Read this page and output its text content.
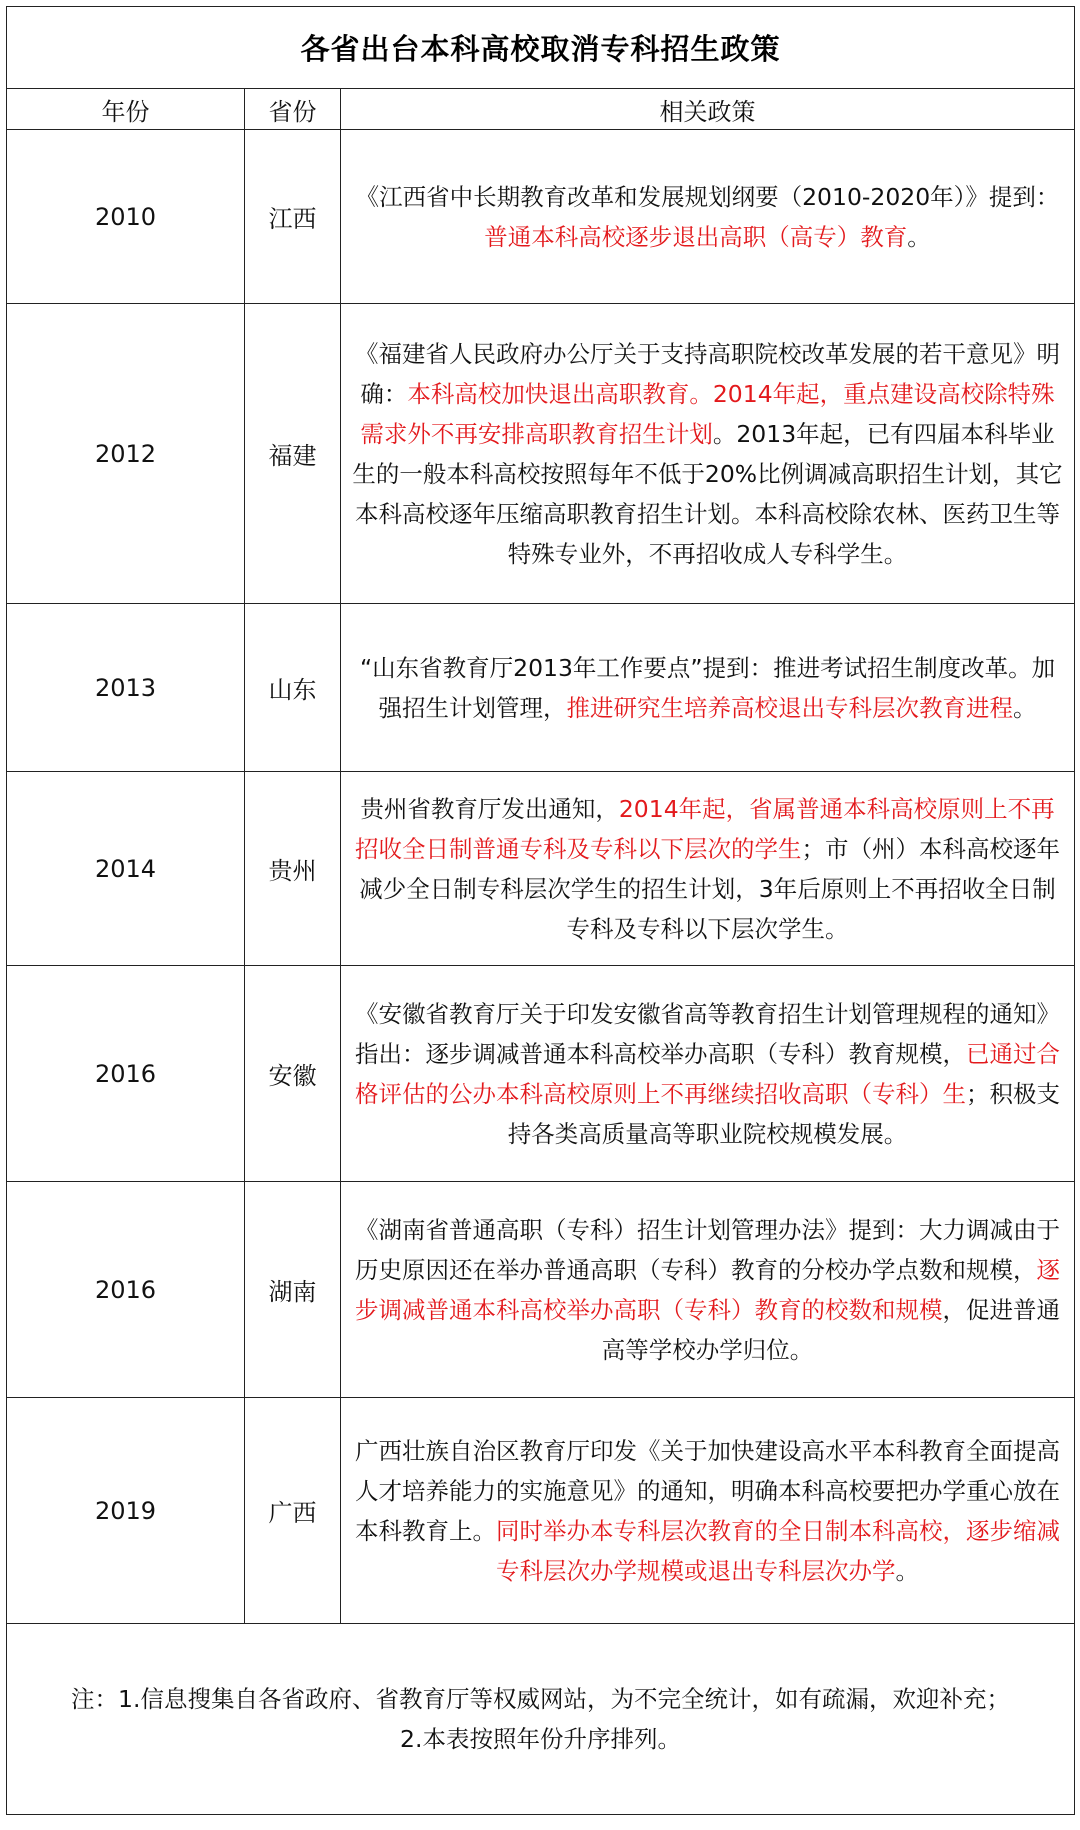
各省出台本科高校取消专科招生政策		
年份	省份	相关政策
2010	江西	《江西省中长期教育改革和发展规划纲要（2010-2020年）》提到：普通本科高校逐步退出高职（高专）教育。
2012	福建	《福建省人民政府办公厅关于支持高职院校改革发展的若干意见》明确：本科高校加快退出高职教育。2014年起，重点建设高校除特殊需求外不再安排高职教育招生计划。2013年起，已有四届本科毕业生的一般本科高校按照每年不低于20%比例调减高职招生计划，其它本科高校逐年压缩高职教育招生计划。本科高校除农林、医药卫生等特殊专业外，不再招收成人专科学生。
2013	山东	“山东省教育厅2013年工作要点”提到：推进考试招生制度改革。加强招生计划管理，推进研究生培养高校退出专科层次教育进程。
2014	贵州	贵州省教育厅发出通知，2014年起，省属普通本科高校原则上不再招收全日制普通专科及专科以下层次的学生；市（州）本科高校逐年减少全日制专科层次学生的招生计划，3年后原则上不再招收全日制专科及专科以下层次学生。
2016	安徽	《安徽省教育厅关于印发安徽省高等教育招生计划管理规程的通知》指出：逐步调减普通本科高校举办高职（专科）教育规模，已通过合格评估的公办本科高校原则上不再继续招收高职（专科）生；积极支持各类高质量高等职业院校规模发展。
2016	湖南	《湖南省普通高职（专科）招生计划管理办法》提到：大力调减由于历史原因还在举办普通高职（专科）教育的分校办学点数和规模，逐步调减普通本科高校举办高职（专科）教育的校数和规模，促进普通高等学校办学归位。
2019	广西	广西壮族自治区教育厅印发《关于加快建设高水平本科教育全面提高人才培养能力的实施意见》的通知，明确本科高校要把办学重心放在本科教育上。同时举办本专科层次教育的全日制本科高校，逐步缩减专科层次办学规模或退出专科层次办学。

注：1.信息搜集自各省政府、省教育厅等权威网站，为不完全统计，如有疏漏，欢迎补充；
2.本表按照年份升序排列。		
